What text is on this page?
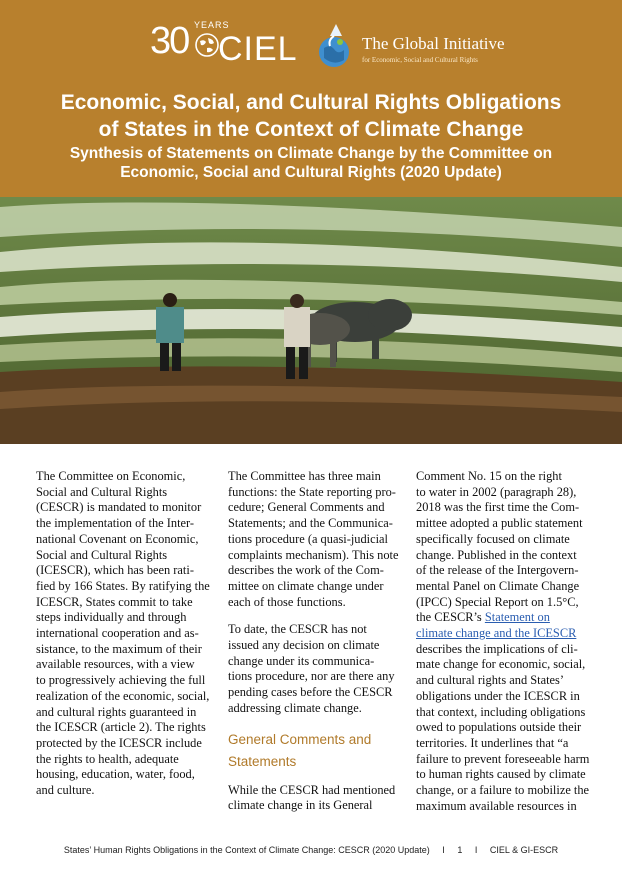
30 YEARS
CIEL	The Global Initiative
for Economic, Social and Cultural Rights
Economic, Social, and Cultural Rights Obligations
of States in the Context of Climate Change
Synthesis of Statements on Climate Change by the Committee on
Economic, Social and Cultural Rights (2020 Update)

The Committee on Economic,
Social and Cultural Rights
(CESCR) is mandated to monitor
the implementation of the Inter-
national Covenant on Economic,
Social and Cultural Rights
(ICESCR), which has been rati-
fied by 166 States. By ratifying the
ICESCR, States commit to take
steps individually and through
international cooperation and as-
sistance, to the maximum of their
available resources, with a view
to progressively achieving the full
realization of the economic, social,
and cultural rights guaranteed in
the ICESCR (article 2). The rights
protected by the ICESCR include
the rights to health, adequate
housing, education, water, food,
and culture.

The Committee has three main
functions: the State reporting pro-
cedure; General Comments and
Statements; and the Communica-
tions procedure (a quasi-judicial
complaints mechanism). This note
describes the work of the Com-
mittee on climate change under
each of those functions.

To date, the CESCR has not
issued any decision on climate
change under its communica-
tions procedure, nor are there any
pending cases before the CESCR
addressing climate change.

General Comments and
Statements

While the CESCR had mentioned
climate change in its General

Comment No. 15 on the right
to water in 2002 (paragraph 28),
2018 was the first time the Com-
mittee adopted a public statement
specifically focused on climate
change. Published in the context
of the release of the Intergovern-
mental Panel on Climate Change
(IPCC) Special Report on 1.5°C,
the CESCR’s Statement on
climate change and the ICESCR
describes the implications of cli-
mate change for economic, social,
and cultural rights and States’
obligations under the ICESCR in
that context, including obligations
owed to populations outside their
territories. It underlines that “a
failure to prevent foreseeable harm
to human rights caused by climate
change, or a failure to mobilize the
maximum available resources in

States’ Human Rights Obligations in the Context of Climate Change: CESCR (2020 Update) I 1 I CIEL & GI-ESCR
